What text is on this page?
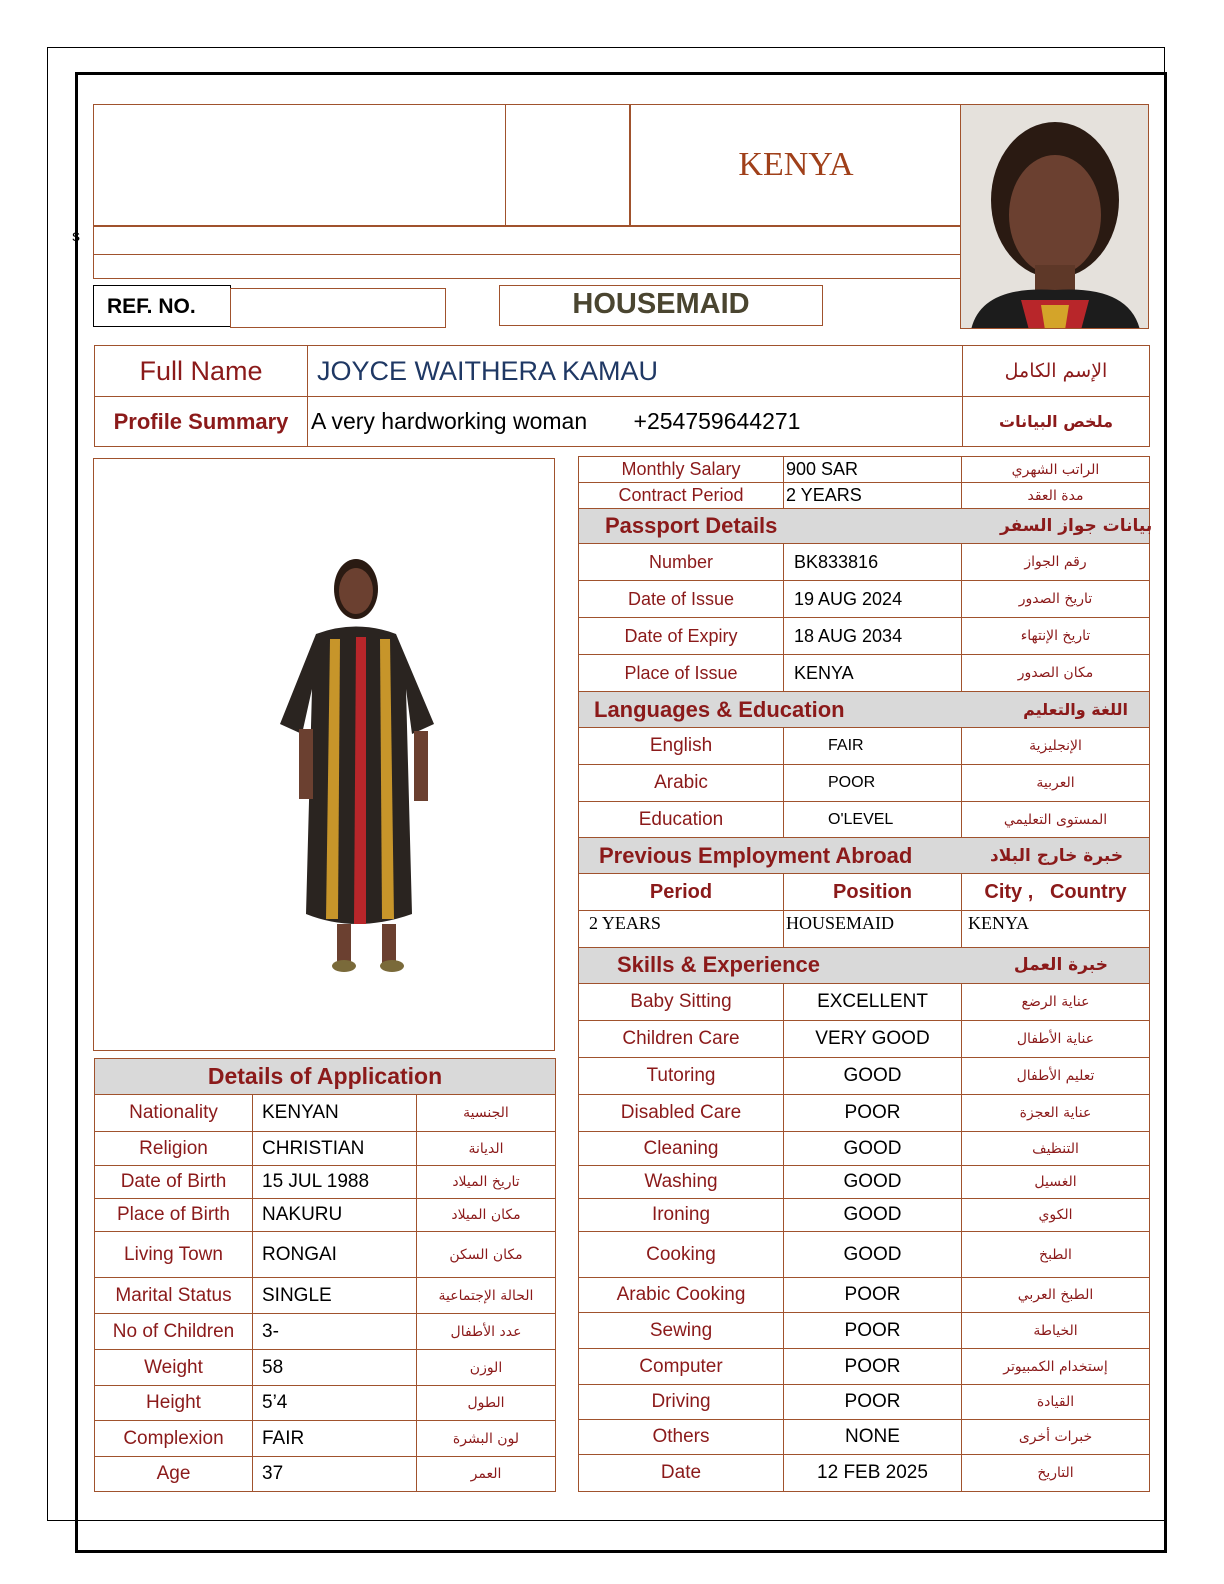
s
KENYA
REF. NO.	HOUSEMAID
Full Name	JOYCE WAITHERA KAMAU	الإسم الكامل
Profile Summary	A very hardworking woman +254759644271	ملخص البيانات
Details of Application
Nationality	KENYAN	الجنسية
Religion	CHRISTIAN	الديانة
Date of Birth	15 JUL 1988	تاريخ الميلاد
Place of Birth	NAKURU	مكان الميلاد
Living Town	RONGAI	مكان السكن
Marital Status	SINGLE	الحالة الإجتماعية
No of Children	3-	عدد الأطفال
Weight	58	الوزن
Height	5’4	الطول
Complexion	FAIR	لون البشرة
Age	37	العمر
Monthly Salary	900 SAR	الراتب الشهري
Contract Period	2 YEARS	مدة العقد
Passport Details	بيانات جواز السفر
Number	BK833816	رقم الجواز
Date of Issue	19 AUG 2024	تاريخ الصدور
Date of Expiry	18 AUG 2034	تاريخ الإنتهاء
Place of Issue	KENYA	مكان الصدور
Languages & Education	اللغة والتعليم
English	FAIR	الإنجليزية
Arabic	POOR	العربية
Education	O'LEVEL	المستوى التعليمي
Previous Employment Abroad	خبرة خارج البلاد
Period	Position	City ,   Country
2 YEARS	HOUSEMAID	KENYA
Skills & Experience	خبرة العمل
Baby Sitting	EXCELLENT	عناية الرضع
Children Care	VERY GOOD	عناية الأطفال
Tutoring	GOOD	تعليم الأطفال
Disabled Care	POOR	عناية العجزة
Cleaning	GOOD	التنظيف
Washing	GOOD	الغسيل
Ironing	GOOD	الكوي
Cooking	GOOD	الطبخ
Arabic Cooking	POOR	الطبخ العربي
Sewing	POOR	الخياطة
Computer	POOR	إستخدام الكمبيوتر
Driving	POOR	القيادة
Others	NONE	خبرات أخرى
Date	12 FEB 2025	التاريخ
